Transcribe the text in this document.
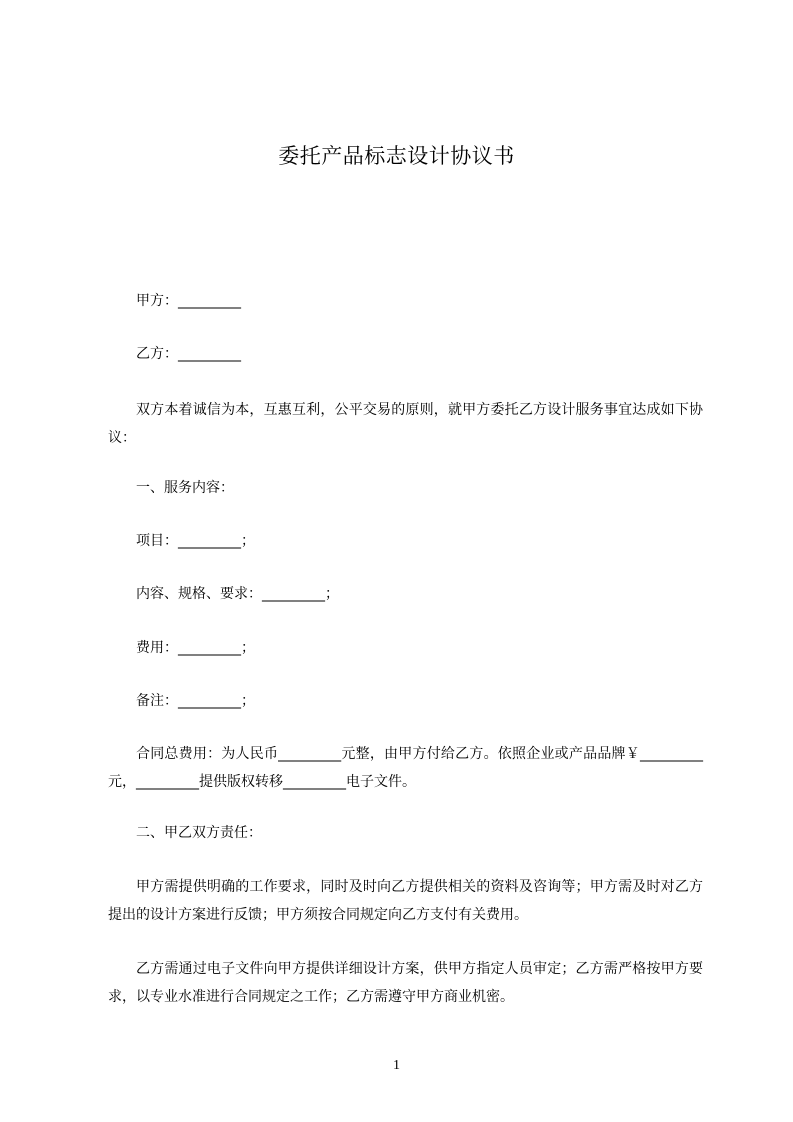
委托产品标志设计协议书
甲方：_________
乙方：_________
双方本着诚信为本，互惠互利，公平交易的原则，就甲方委托乙方设计服务事宜达成如下协议：
一、服务内容：
项目：_________；
内容、规格、要求：_________；
费用：_________；
备注：_________；
合同总费用：为人民币_________元整，由甲方付给乙方。依照企业或产品品牌￥_________元，_________提供版权转移_________电子文件。
二、甲乙双方责任：
甲方需提供明确的工作要求，同时及时向乙方提供相关的资料及咨询等；甲方需及时对乙方提出的设计方案进行反馈；甲方须按合同规定向乙方支付有关费用。
乙方需通过电子文件向甲方提供详细设计方案，供甲方指定人员审定；乙方需严格按甲方要求，以专业水准进行合同规定之工作；乙方需遵守甲方商业机密。
1
